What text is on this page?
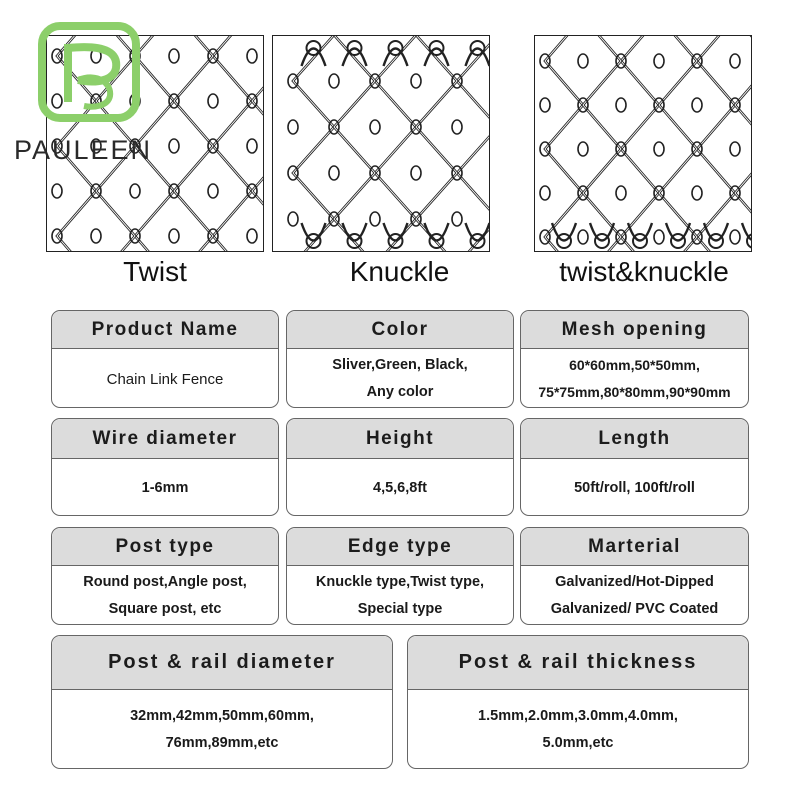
Twist	Knuckle	twist&knuckle
PAULEEN
Product Name
Chain Link Fence
Color
Sliver,Green, Black,
Any color
Mesh opening
60*60mm,50*50mm,
75*75mm,80*80mm,90*90mm
Wire diameter
1-6mm
Height
4,5,6,8ft
Length
50ft/roll, 100ft/roll
Post type
Round post,Angle post,
Square post, etc
Edge type
Knuckle type,Twist type,
Special type
Marterial
Galvanized/Hot-Dipped
Galvanized/ PVC Coated
Post & rail diameter
32mm,42mm,50mm,60mm,
76mm,89mm,etc
Post & rail thickness
1.5mm,2.0mm,3.0mm,4.0mm,
5.0mm,etc
